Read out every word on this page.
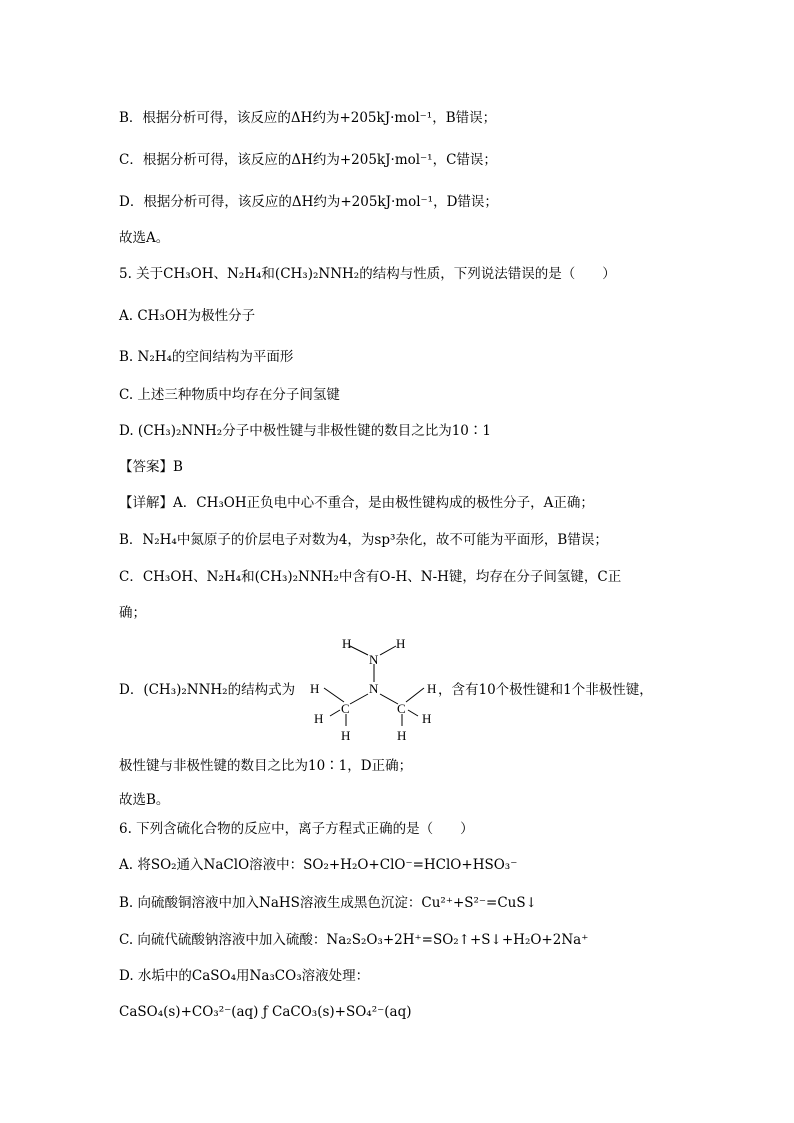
B．根据分析可得，该反应的ΔH约为+205kJ·mol⁻¹，B错误；
C．根据分析可得，该反应的ΔH约为+205kJ·mol⁻¹，C错误；
D．根据分析可得，该反应的ΔH约为+205kJ·mol⁻¹，D错误；
故选A。
5. 关于CH₃OH、N₂H₄和(CH₃)₂NNH₂的结构与性质，下列说法错误的是（　　）
A. CH₃OH为极性分子
B. N₂H₄的空间结构为平面形
C. 上述三种物质中均存在分子间氢键
D. (CH₃)₂NNH₂分子中极性键与非极性键的数目之比为10∶1
【答案】B
【详解】A．CH₃OH正负电中心不重合，是由极性键构成的极性分子，A正确；
B．N₂H₄中氮原子的价层电子对数为4，为sp³杂化，故不可能为平面形，B错误；
C．CH₃OH、N₂H₄和(CH₃)₂NNH₂中含有O-H、N-H键，均存在分子间氢键，C正
确；
D．(CH₃)₂NNH₂的结构式为	，含有10个极性键和1个非极性键，
H	H
N
H	N	H
H
C	C
H
H	H
极性键与非极性键的数目之比为10∶1，D正确；
故选B。
6. 下列含硫化合物的反应中，离子方程式正确的是（　　）
A. 将SO₂通入NaClO溶液中：SO₂+H₂O+ClO⁻=HClO+HSO₃⁻
B. 向硫酸铜溶液中加入NaHS溶液生成黑色沉淀：Cu²⁺+S²⁻=CuS↓
C. 向硫代硫酸钠溶液中加入硫酸：Na₂S₂O₃+2H⁺=SO₂↑+S↓+H₂O+2Na⁺
D. 水垢中的CaSO₄用Na₃CO₃溶液处理：
CaSO₄(s)+CO₃²⁻(aq) ƒ CaCO₃(s)+SO₄²⁻(aq)
